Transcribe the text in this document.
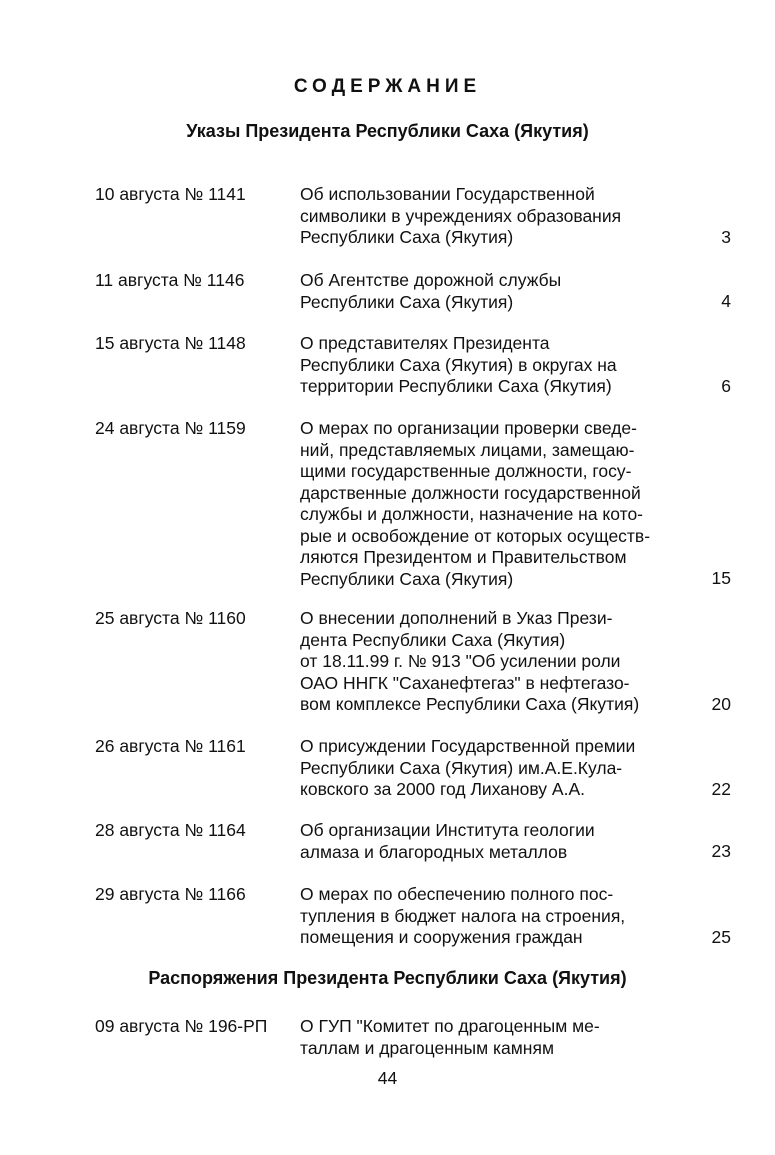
СОДЕРЖАНИЕ
Указы Президента Республики Саха (Якутия)
10 августа № 1141	Об использовании Государственной
символики в учреждениях образования
Республики Саха (Якутия)	3
11 августа № 1146	Об Агентстве дорожной службы
Республики Саха (Якутия)	4
15 августа № 1148	О представителях Президента
Республики Саха (Якутия) в округах на
территории Республики Саха (Якутия)	6
24 августа № 1159	О мерах по организации проверки сведе-
ний, представляемых лицами, замещаю-
щими государственные должности, госу-
дарственные должности государственной
службы и должности, назначение на кото-
рые и освобождение от которых осуществ-
ляются Президентом и Правительством
Республики Саха (Якутия)	15
25 августа № 1160	О внесении дополнений в Указ Прези-
дента Республики Саха (Якутия)
от 18.11.99 г. № 913 "Об усилении роли
ОАО ННГК "Саханефтегаз" в нефтегазо-
вом комплексе Республики Саха (Якутия)	20
26 августа № 1161	О присуждении Государственной премии
Республики Саха (Якутия) им.А.Е.Кула-
ковского за 2000 год Лиханову А.А.	22
28 августа № 1164	Об организации Института геологии
алмаза и благородных металлов	23
29 августа № 1166	О мерах по обеспечению полного пос-
тупления в бюджет налога на строения,
помещения и сооружения граждан	25
Распоряжения Президента Республики Саха (Якутия)
09 августа № 196-РП О ГУП "Комитет по драгоценным ме-
таллам и драгоценным камням
44
